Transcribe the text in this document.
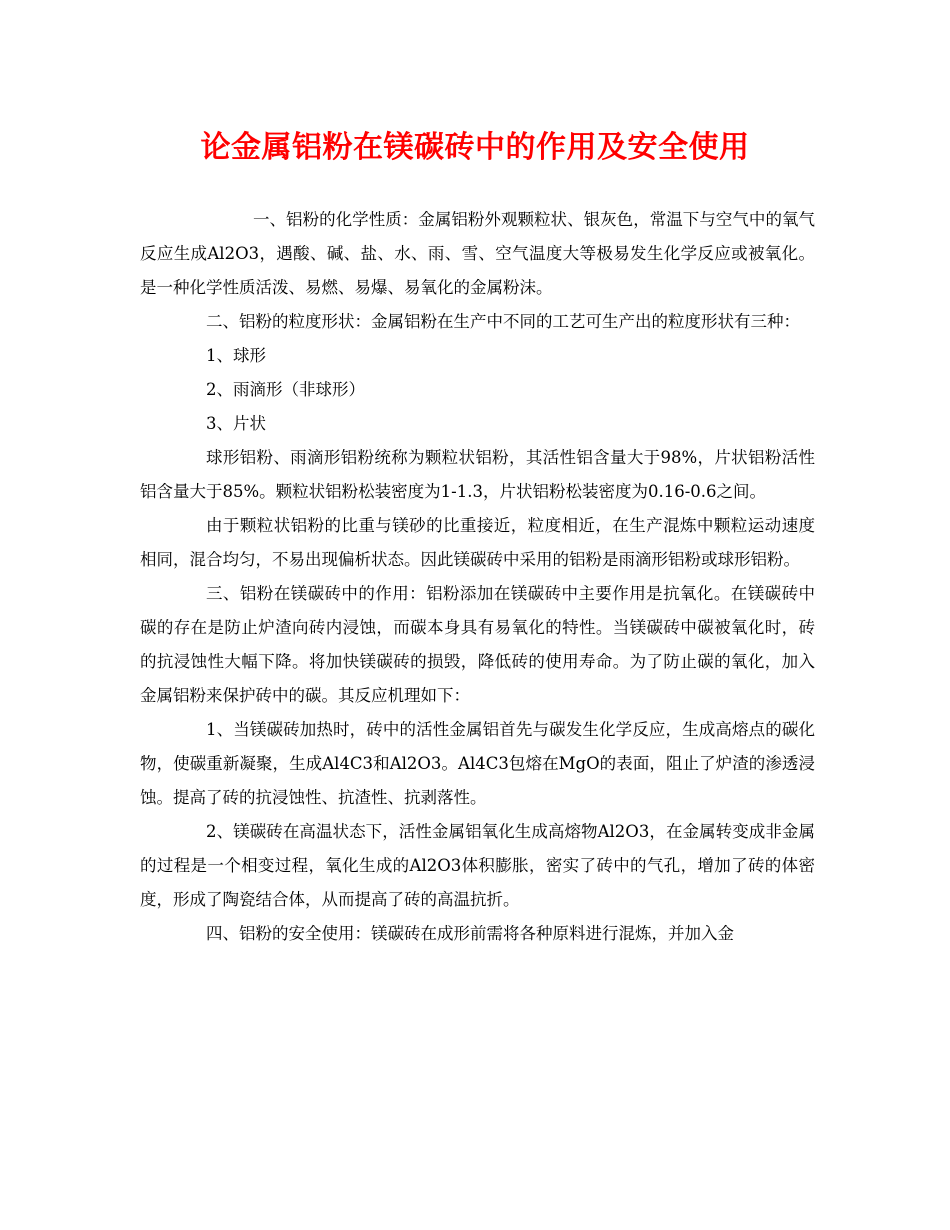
论金属铝粉在镁碳砖中的作用及安全使用

一、铝粉的化学性质：金属铝粉外观颗粒状、银灰色，常温下与空气中的氧气反应生成Al2O3，遇酸、碱、盐、水、雨、雪、空气温度大等极易发生化学反应或被氧化。是一种化学性质活泼、易燃、易爆、易氧化的金属粉沫。

二、铝粉的粒度形状：金属铝粉在生产中不同的工艺可生产出的粒度形状有三种：

1、球形

2、雨滴形（非球形）

3、片状

球形铝粉、雨滴形铝粉统称为颗粒状铝粉，其活性铝含量大于98%，片状铝粉活性铝含量大于85%。颗粒状铝粉松装密度为1-1.3，片状铝粉松装密度为0.16-0.6之间。

由于颗粒状铝粉的比重与镁砂的比重接近，粒度相近，在生产混炼中颗粒运动速度相同，混合均匀，不易出现偏析状态。因此镁碳砖中采用的铝粉是雨滴形铝粉或球形铝粉。

三、铝粉在镁碳砖中的作用：铝粉添加在镁碳砖中主要作用是抗氧化。在镁碳砖中碳的存在是防止炉渣向砖内浸蚀，而碳本身具有易氧化的特性。当镁碳砖中碳被氧化时，砖的抗浸蚀性大幅下降。将加快镁碳砖的损毁，降低砖的使用寿命。为了防止碳的氧化，加入金属铝粉来保护砖中的碳。其反应机理如下：

1、当镁碳砖加热时，砖中的活性金属铝首先与碳发生化学反应，生成高熔点的碳化物，使碳重新凝聚，生成Al4C3和Al2O3。Al4C3包熔在MgO的表面，阻止了炉渣的渗透浸蚀。提高了砖的抗浸蚀性、抗渣性、抗剥落性。

2、镁碳砖在高温状态下，活性金属铝氧化生成高熔物Al2O3，在金属转变成非金属的过程是一个相变过程，氧化生成的Al2O3体积膨胀，密实了砖中的气孔，增加了砖的体密度，形成了陶瓷结合体，从而提高了砖的高温抗折。

四、铝粉的安全使用：镁碳砖在成形前需将各种原料进行混炼，并加入金
